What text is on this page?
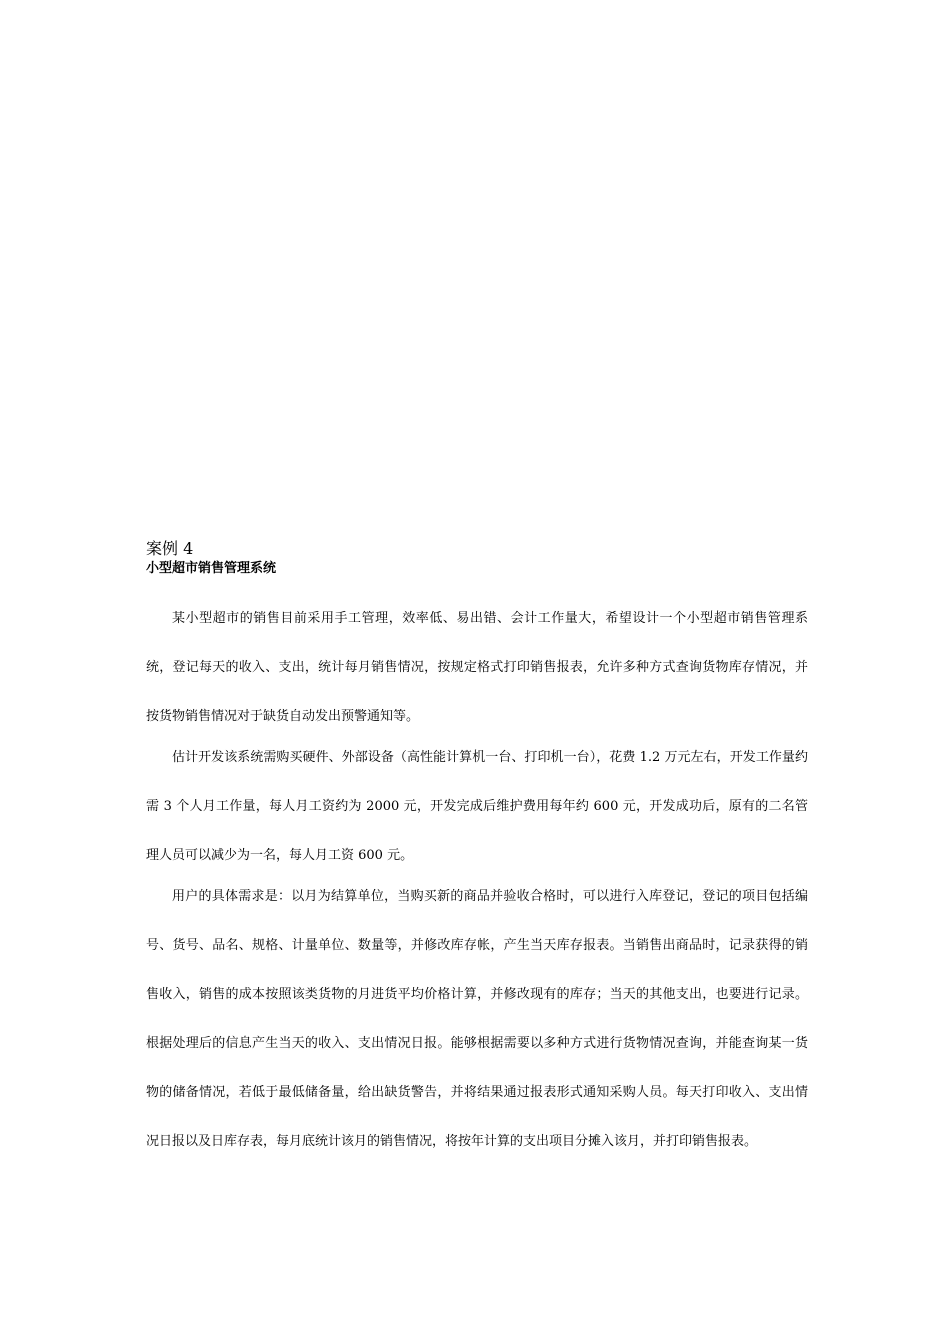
案例 4

小型超市销售管理系统

某小型超市的销售目前采用手工管理，效率低、易出错、会计工作量大，希望设计一个小型超市销售管理系统，登记每天的收入、支出，统计每月销售情况，按规定格式打印销售报表，允许多种方式查询货物库存情况，并按货物销售情况对于缺货自动发出预警通知等。

估计开发该系统需购买硬件、外部设备（高性能计算机一台、打印机一台），花费 1.2 万元左右，开发工作量约需 3 个人月工作量，每人月工资约为 2000 元，开发完成后维护费用每年约 600 元，开发成功后，原有的二名管理人员可以减少为一名，每人月工资 600 元。

用户的具体需求是：以月为结算单位，当购买新的商品并验收合格时，可以进行入库登记，登记的项目包括编号、货号、品名、规格、计量单位、数量等，并修改库存帐，产生当天库存报表。当销售出商品时，记录获得的销售收入，销售的成本按照该类货物的月进货平均价格计算，并修改现有的库存；当天的其他支出，也要进行记录。根据处理后的信息产生当天的收入、支出情况日报。能够根据需要以多种方式进行货物情况查询，并能查询某一货物的储备情况，若低于最低储备量，给出缺货警告，并将结果通过报表形式通知采购人员。每天打印收入、支出情况日报以及日库存表，每月底统计该月的销售情况，将按年计算的支出项目分摊入该月，并打印销售报表。
